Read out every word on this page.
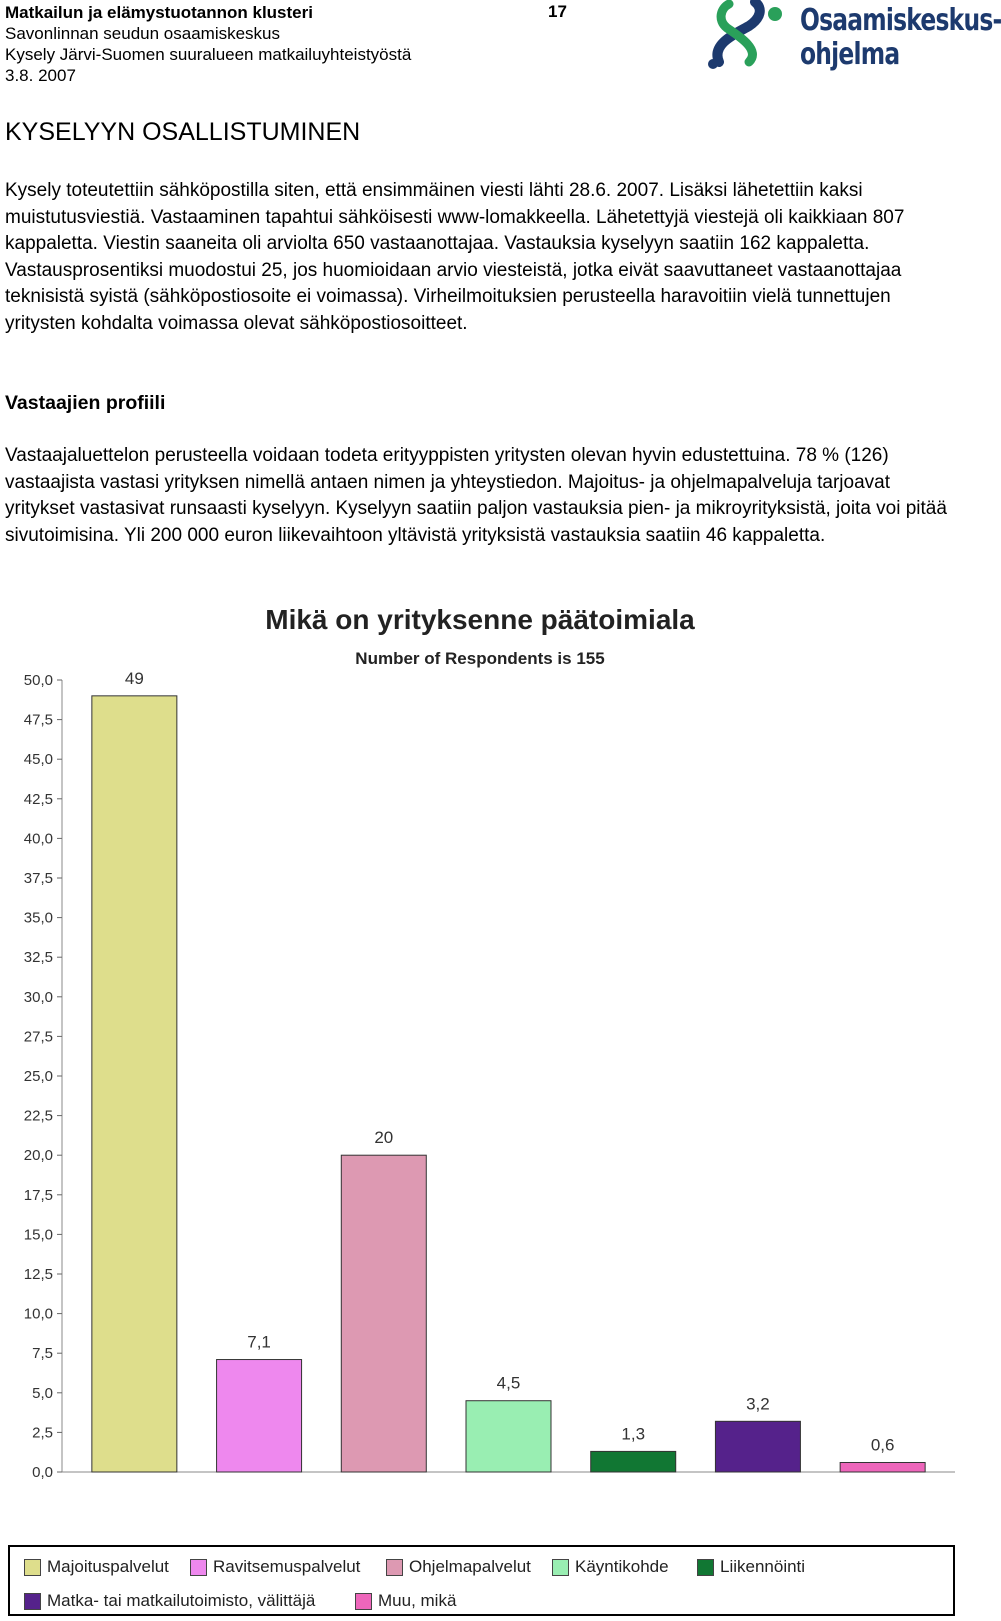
Matkailun ja elämystuotannon klusteri
Savonlinnan seudun osaamiskeskus
Kysely Järvi-Suomen suuralueen matkailuyhteistyöstä
3.8. 2007
17	Osaamiskeskus-
ohjelma
KYSELYYN OSALLISTUMINEN
Kysely toteutettiin sähköpostilla siten, että ensimmäinen viesti lähti 28.6. 2007. Lisäksi lähetettiin kaksi muistutusviestiä. Vastaaminen tapahtui sähköisesti www-lomakkeella. Lähetettyjä viestejä oli kaikkiaan 807 kappaletta. Viestin saaneita oli arviolta 650 vastaanottajaa. Vastauksia kyselyyn saatiin 162 kappaletta. Vastausprosentiksi muodostui 25, jos huomioidaan arvio viesteistä, jotka eivät saavuttaneet vastaanottajaa teknisistä syistä (sähköpostiosoite ei voimassa). Virheilmoituksien perusteella haravoitiin vielä tunnettujen yritysten kohdalta voimassa olevat sähköpostiosoitteet.
Vastaajien profiili
Vastaajaluettelon perusteella voidaan todeta erityyppisten yritysten olevan hyvin edustettuina. 78 % (126) vastaajista vastasi yrityksen nimellä antaen nimen ja yhteystiedon. Majoitus- ja ohjelmapalveluja tarjoavat yritykset vastasivat runsaasti kyselyyn. Kyselyyn saatiin paljon vastauksia pien- ja mikroyrityksistä, joita voi pitää sivutoimisina. Yli 200 000 euron liikevaihtoon yltävistä yrityksistä vastauksia saatiin 46 kappaletta.
Mikä on yrityksenne päätoimiala
Number of Respondents is 155
0,0
2,5
5,0
7,5
10,0
12,5
15,0
17,5
20,0
22,5
25,0
27,5
30,0
32,5
35,0
37,5
40,0
42,5
45,0
47,5
50,0	49
7,1
20
4,5
1,3
3,2
0,6
Majoituspalvelut	Ravitsemuspalvelut	Ohjelmapalvelut	Käyntikohde	Liikennöinti
Matka- tai matkailutoimisto, välittäjä	Muu, mikä
